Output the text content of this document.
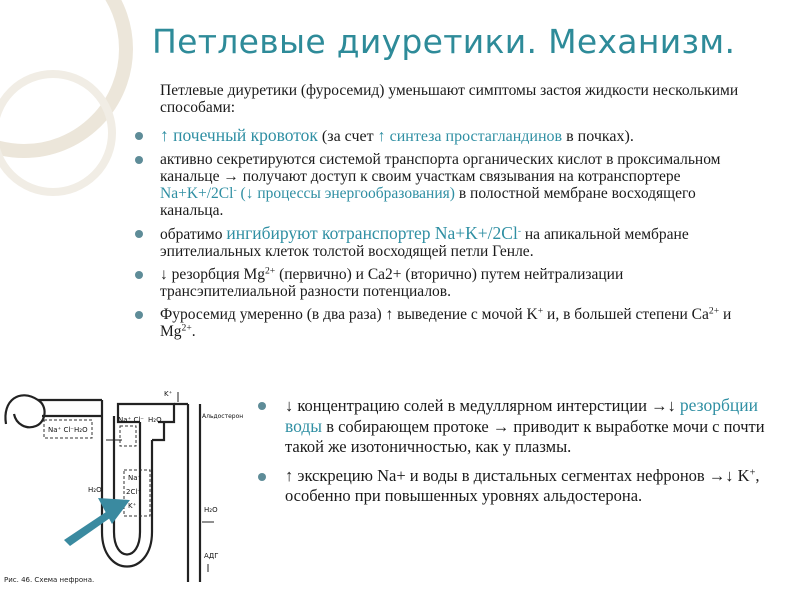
Петлевые диуретики. Механизм.
Петлевые диуретики (фуросемид) уменьшают симптомы застоя жидкости несколькими способами:
↑ почечный кровоток (за счет ↑ синтеза простагландинов в почках).
активно секретируются системой транспорта органических кислот в проксимальном канальце → получают доступ к своим участкам связывания на котранспортере Na+K+/2Cl- (↓ процессы энергообразования) в полостной мембране восходящего канальца.
обратимо ингибируют котранспортер Na+K+/2Cl- на апикальной мембране эпителиальных клеток толстой восходящей петли Генле.
↓ резорбция $Mg^{2+}$ (первично) и Ca2+ (вторично) путем нейтрализации трансэпителиальной разности потенциалов.
Фуросемид умеренно (в два раза) ↑ выведение с мочой K+ и, в большей степени $Ca^{2+}$ и $Mg^{2+}$.
↓ концентрацию солей в медуллярном интерстиции →↓ резорбции воды в собирающем протоке → приводит к выработке мочи с почти такой же изотоничностью, как у плазмы.
↑ экскрецию Na+ и воды в дистальных сегментах нефронов →↓ K+, особенно при повышенных уровнях альдостерона.
Na⁺ Cl⁻ H₂O
Na⁺ Cl⁻ H₂O
K⁺
Альдостерон
Na⁺
H₂O	2Cl⁻
K⁺	H₂O
АДГ
Рис. 46. Схема нефрона.
